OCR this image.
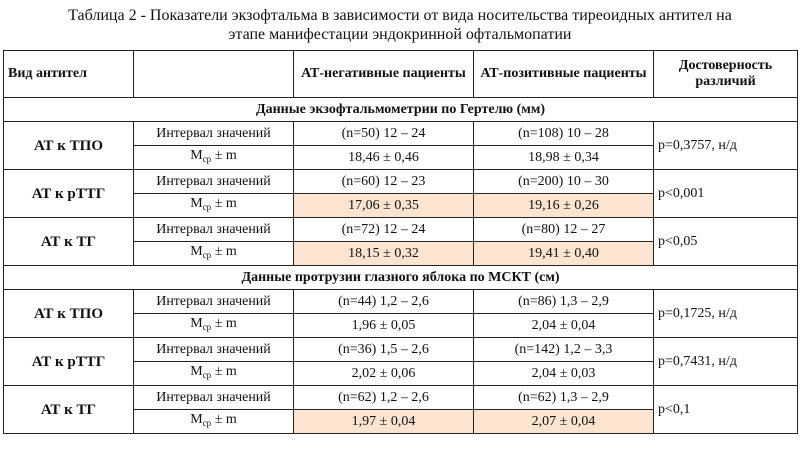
Таблица 2 - Показатели экзофтальма в зависимости от вида носительства тиреоидных антител на
этапе манифестации эндокринной офтальмопатии
Вид антител		АТ-негативные пациенты	АТ-позитивные пациенты	Достоверность различий
Данные экзофтальмометрии по Гертелю (мм)				
АТ к ТПО	Интервал значений	(n=50) 12 – 24	(n=108) 10 – 28	p=0,3757, н/д
	$M_{ср} \pm m$	18,46 ± 0,46	18,98 ± 0,34	
АТ к рТТГ	Интервал значений	(n=60) 12 – 23	(n=200) 10 – 30	p<0,001
	$M_{ср} \pm m$	17,06 ± 0,35	19,16 ± 0,26	
АТ к ТГ	Интервал значений	(n=72) 12 – 24	(n=80) 12 – 27	p<0,05
	$M_{ср} \pm m$	18,15 ± 0,32	19,41 ± 0,40	
Данные протрузии глазного яблока по МСКТ (см)				
АТ к ТПО	Интервал значений	(n=44) 1,2 – 2,6	(n=86) 1,3 – 2,9	p=0,1725, н/д
	$M_{ср} \pm m$	1,96 ± 0,05	2,04 ± 0,04	
АТ к рТТГ	Интервал значений	(n=36) 1,5 – 2,6	(n=142) 1,2 – 3,3	p=0,7431, н/д
	$M_{ср} \pm m$	2,02 ± 0,06	2,04 ± 0,03	
АТ к ТГ	Интервал значений	(n=62) 1,2 – 2,6	(n=62) 1,3 – 2,9	p<0,1
	$M_{ср} \pm m$	1,97 ± 0,04	2,07 ± 0,04	
